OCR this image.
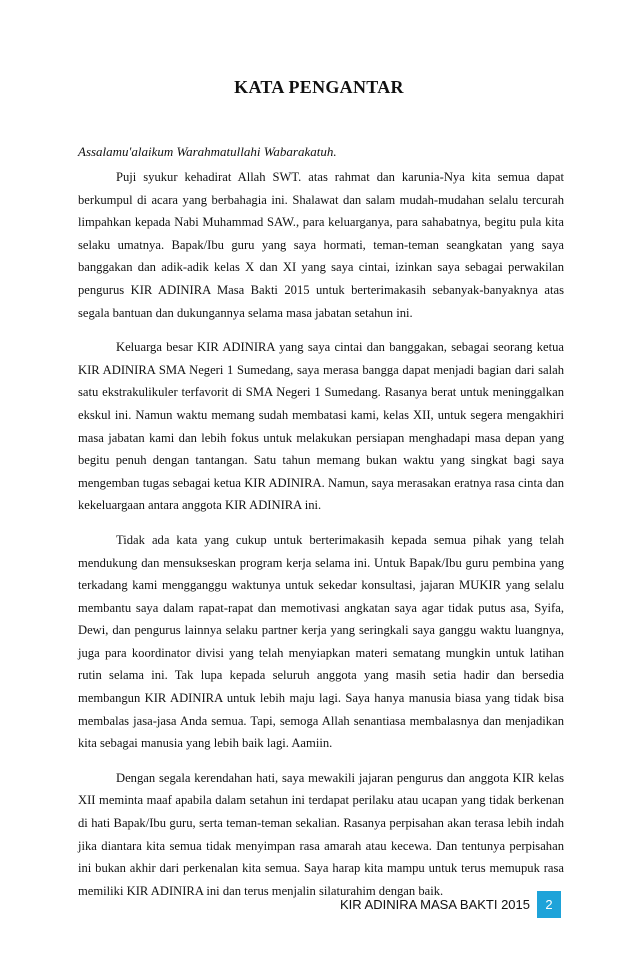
KATA PENGANTAR
Assalamu'alaikum Warahmatullahi Wabarakatuh.

Puji syukur kehadirat Allah SWT. atas rahmat dan karunia-Nya kita semua dapat berkumpul di acara yang berbahagia ini. Shalawat dan salam mudah-mudahan selalu tercurah limpahkan kepada Nabi Muhammad SAW., para keluarganya, para sahabatnya, begitu pula kita selaku umatnya. Bapak/Ibu guru yang saya hormati, teman-teman seangkatan yang saya banggakan dan adik-adik kelas X dan XI yang saya cintai, izinkan saya sebagai perwakilan pengurus KIR ADINIRA Masa Bakti 2015 untuk berterimakasih sebanyak-banyaknya atas segala bantuan dan dukungannya selama masa jabatan setahun ini.

Keluarga besar KIR ADINIRA yang saya cintai dan banggakan, sebagai seorang ketua KIR ADINIRA SMA Negeri 1 Sumedang, saya merasa bangga dapat menjadi bagian dari salah satu ekstrakulikuler terfavorit di SMA Negeri 1 Sumedang. Rasanya berat untuk meninggalkan ekskul ini. Namun waktu memang sudah membatasi kami, kelas XII, untuk segera mengakhiri masa jabatan kami dan lebih fokus untuk melakukan persiapan menghadapi masa depan yang begitu penuh dengan tantangan. Satu tahun memang bukan waktu yang singkat bagi saya mengemban tugas sebagai ketua KIR ADINIRA. Namun, saya merasakan eratnya rasa cinta dan kekeluargaan antara anggota KIR ADINIRA ini.

Tidak ada kata yang cukup untuk berterimakasih kepada semua pihak yang telah mendukung dan mensukseskan program kerja selama ini. Untuk Bapak/Ibu guru pembina yang terkadang kami mengganggu waktunya untuk sekedar konsultasi, jajaran MUKIR yang selalu membantu saya dalam rapat-rapat dan memotivasi angkatan saya agar tidak putus asa, Syifa, Dewi, dan pengurus lainnya selaku partner kerja yang seringkali saya ganggu waktu luangnya, juga para koordinator divisi yang telah menyiapkan materi sematang mungkin untuk latihan rutin selama ini. Tak lupa kepada seluruh anggota yang masih setia hadir dan bersedia membangun KIR ADINIRA untuk lebih maju lagi. Saya hanya manusia biasa yang tidak bisa membalas jasa-jasa Anda semua. Tapi, semoga Allah senantiasa membalasnya dan menjadikan kita sebagai manusia yang lebih baik lagi. Aamiin.

Dengan segala kerendahan hati, saya mewakili jajaran pengurus dan anggota KIR kelas XII meminta maaf apabila dalam setahun ini terdapat perilaku atau ucapan yang tidak berkenan di hati Bapak/Ibu guru, serta teman-teman sekalian. Rasanya perpisahan akan terasa lebih indah jika diantara kita semua tidak menyimpan rasa amarah atau kecewa. Dan tentunya perpisahan ini bukan akhir dari perkenalan kita semua. Saya harap kita mampu untuk terus memupuk rasa memiliki KIR ADINIRA ini dan terus menjalin silaturahim dengan baik.

KIR ADINIRA MASA BAKTI 2015	2
